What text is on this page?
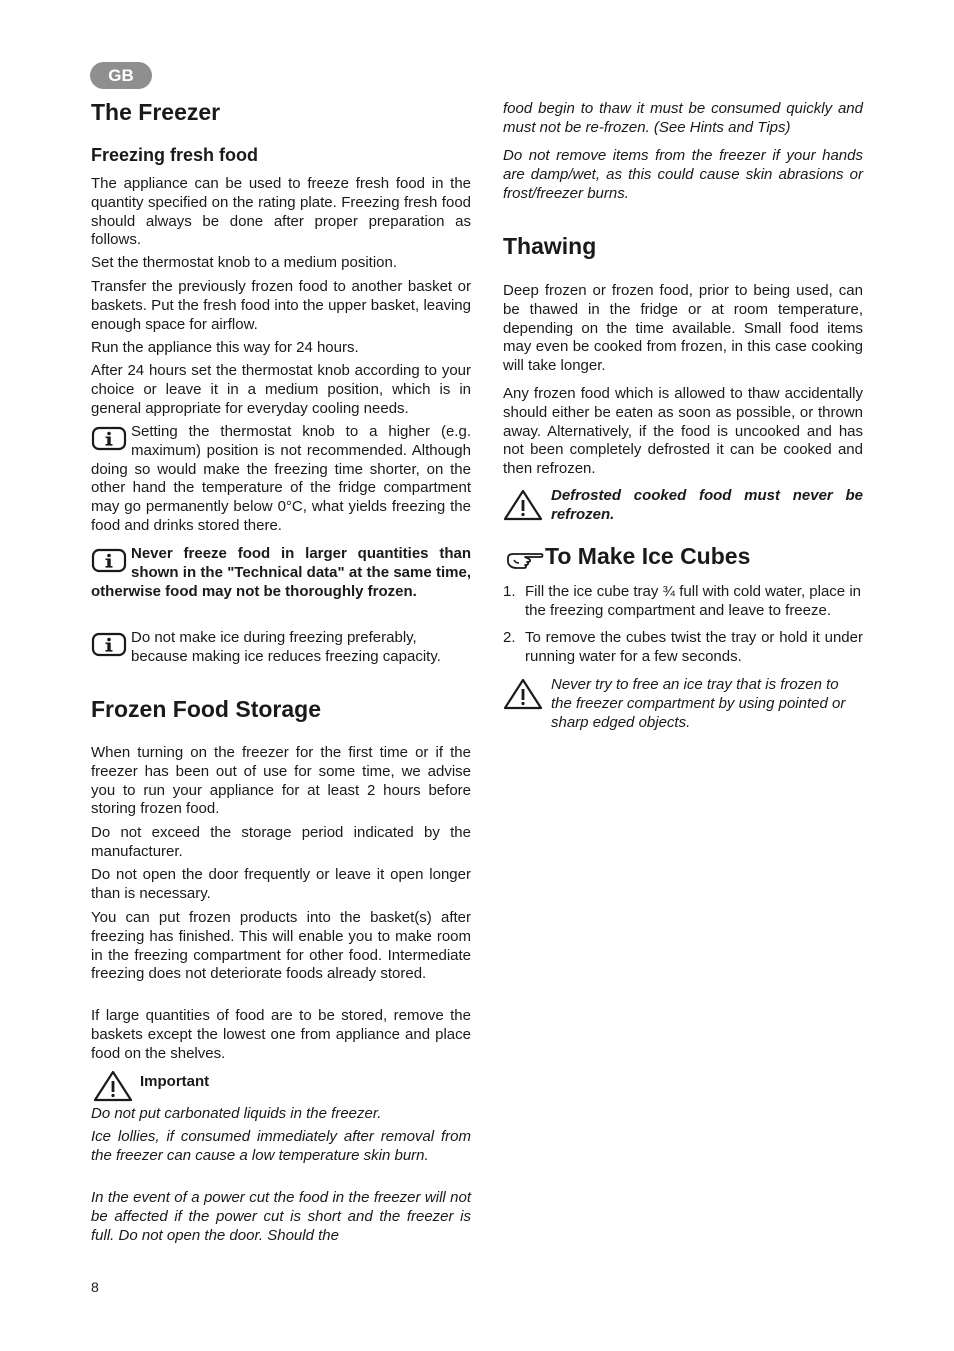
GB
The Freezer
Freezing fresh food

The appliance can be used to freeze fresh food in the quantity specified on the rating plate. Freezing fresh food should always be done after proper preparation as follows.

Set the thermostat knob to a medium position.

Transfer the previously frozen food to another basket or baskets. Put the fresh food into the upper basket, leaving enough space for airflow.

Run the appliance this way for 24 hours.

After 24 hours set the thermostat knob according to your choice or leave it in a medium position, which is in general appropriate for everyday cooling needs.

Setting the thermostat knob to a higher (e.g. maximum) position is not recommended. Although doing so would make the freezing time shorter, on the other hand the temperature of the fridge compartment may go permanently below 0°C, what yields freezing the food and drinks stored there.

Never freeze food in larger quantities than shown in the "Technical data" at the same time, otherwise food may not be thoroughly frozen.

Do not make ice during freezing preferably, because making ice reduces freezing capacity.

Frozen Food Storage

When turning on the freezer for the first time or if the freezer has been out of use for some time, we advise you to run your appliance for at least 2 hours before storing frozen food.

Do not exceed the storage period indicated by the manufacturer.

Do not open the door frequently or leave it open longer than is necessary.

You can put frozen products into the basket(s) after freezing has finished. This will enable you to make room in the freezing compartment for other food. Intermediate freezing does not deteriorate foods already stored.

If large quantities of food are to be stored, remove the baskets except the lowest one from appliance and place food on the shelves.

Important

Do not put carbonated liquids in the freezer.

Ice lollies, if consumed immediately after removal from the freezer can cause a low temperature skin burn.

In the event of a power cut the food in the freezer will not be affected if the power cut is short and the freezer is full. Do not open the door. Should the

food begin to thaw it must be consumed quickly and must not be re-frozen. (See Hints and Tips)

Do not remove items from the freezer if your hands are damp/wet, as this could cause skin abrasions or frost/freezer burns.

Thawing

Deep frozen or frozen food, prior to being used, can be thawed in the fridge or at room temperature, depending on the time available. Small food items may even be cooked from frozen, in this case cooking will take longer.

Any frozen food which is allowed to thaw accidentally should either be eaten as soon as possible, or thrown away. Alternatively, if the food is uncooked and has not been completely defrosted it can be cooked and then refrozen.

Defrosted cooked food must never be refrozen.

To Make Ice Cubes
1. Fill the ice cube tray ¾ full with cold water, place in the freezing compartment and leave to freeze.

2. To remove the cubes twist the tray or hold it under running water for a few seconds.

Never try to free an ice tray that is frozen to the freezer compartment by using pointed or sharp edged objects.

8
